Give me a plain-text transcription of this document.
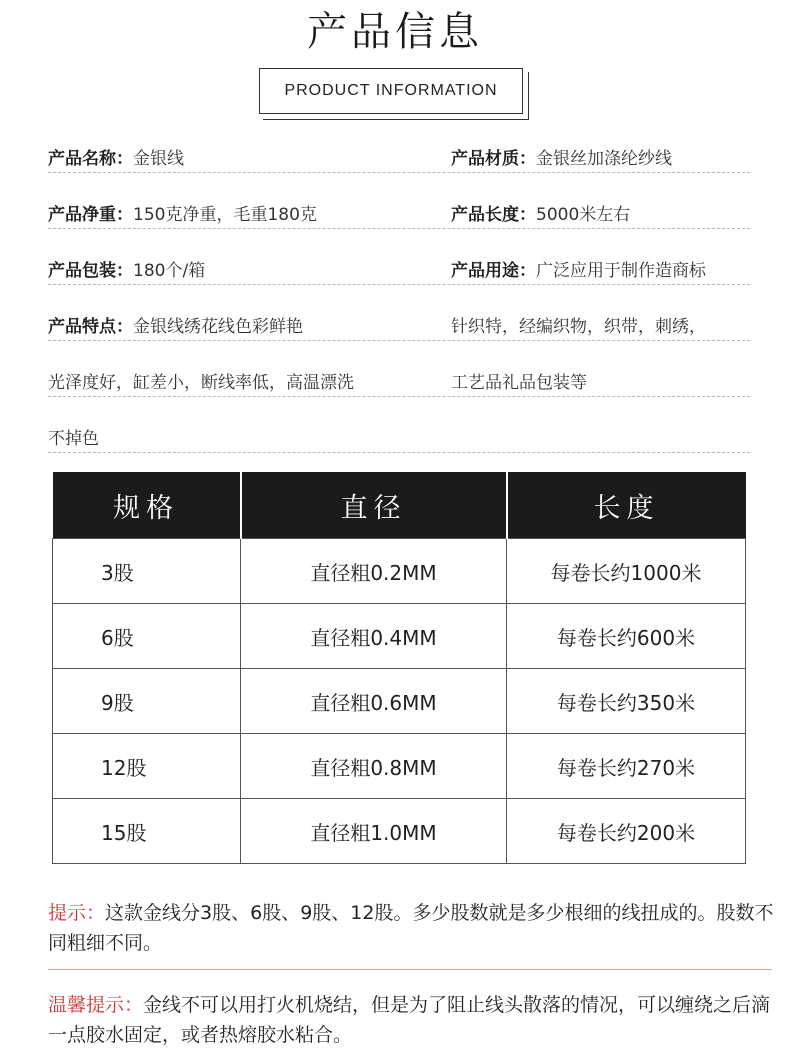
产品信息
PRODUCT INFORMATION
产品名称：金银线	产品材质：金银丝加涤纶纱线
产品净重：150克净重，毛重180克	产品长度：5000米左右
产品包装：180个/箱	产品用途：广泛应用于制作造商标
产品特点：金银线绣花线色彩鲜艳	针织特，经编织物，织带，刺绣，
光泽度好，缸差小，断线率低，高温漂洗	工艺品礼品包装等
不掉色
规格	直径	长度
3股	直径粗0.2MM	每卷长约1000米
6股	直径粗0.4MM	每卷长约600米
9股	直径粗0.6MM	每卷长约350米
12股	直径粗0.8MM	每卷长约270米
15股	直径粗1.0MM	每卷长约200米
提示：这款金线分3股、6股、9股、12股。多少股数就是多少根细的线扭成的。股数不同粗细不同。
温馨提示：金线不可以用打火机烧结，但是为了阻止线头散落的情况，可以缠绕之后滴一点胶水固定，或者热熔胶水粘合。
